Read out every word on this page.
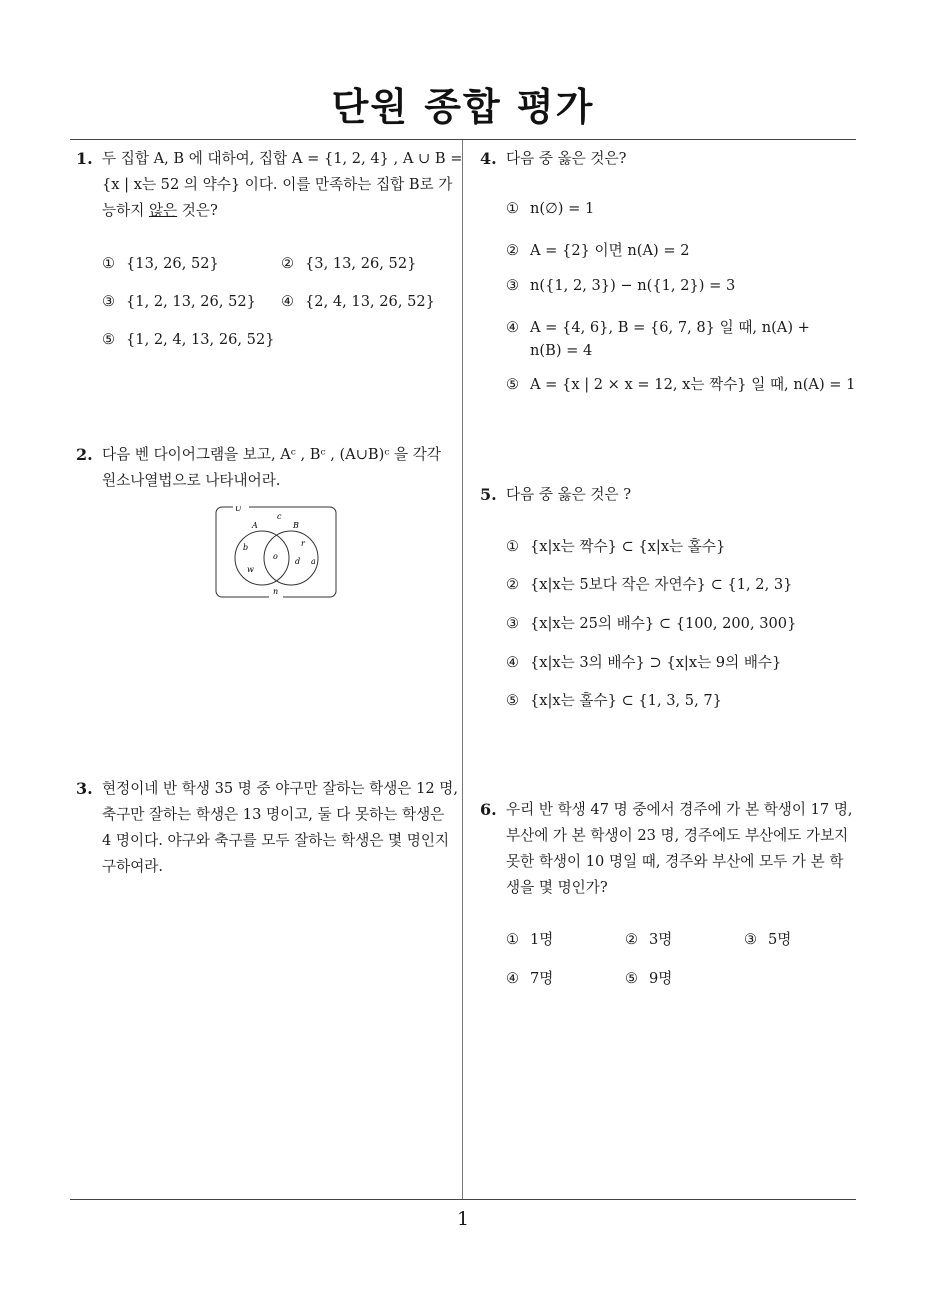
단원 종합 평가
1
1. 두 집합 A, B 에 대하여, 집합 A = {1, 2, 4} , A ∪ B =
{x | x는 52 의 약수} 이다. 이를 만족하는 집합 B로 가
능하지 않은 것은?
① {13, 26, 52}	② {3, 13, 26, 52}
③ {1, 2, 13, 26, 52} ④ {2, 4, 13, 26, 52}
⑤ {1, 2, 4, 13, 26, 52}
2. 다음 벤 다이어그램을 보고, Aᶜ , Bᶜ , (A∪B)ᶜ 을 각각
원소나열법으로 나타내어라.
U
A	B
c
b
o
r
d a
w
n
3. 현정이네 반 학생 35 명 중 야구만 잘하는 학생은 12 명,
축구만 잘하는 학생은 13 명이고, 둘 다 못하는 학생은
4 명이다. 야구와 축구를 모두 잘하는 학생은 몇 명인지
구하여라.
4. 다음 중 옳은 것은?
① n(∅) = 1
② A = {2} 이면 n(A) = 2
③ n({1, 2, 3}) − n({1, 2}) = 3
④ A = {4, 6}, B = {6, 7, 8} 일 때, n(A) +
n(B) = 4
⑤ A = {x | 2 × x = 12, x는 짝수} 일 때, n(A) = 1
5. 다음 중 옳은 것은 ?
① {x|x는 짝수} ⊂ {x|x는 홀수}
② {x|x는 5보다 작은 자연수} ⊂ {1, 2, 3}
③ {x|x는 25의 배수} ⊂ {100, 200, 300}
④ {x|x는 3의 배수} ⊃ {x|x는 9의 배수}
⑤ {x|x는 홀수} ⊂ {1, 3, 5, 7}
6. 우리 반 학생 47 명 중에서 경주에 가 본 학생이 17 명,
부산에 가 본 학생이 23 명, 경주에도 부산에도 가보지
못한 학생이 10 명일 때, 경주와 부산에 모두 가 본 학
생을 몇 명인가?
① 1명	② 3명	③ 5명
④ 7명	⑤ 9명
